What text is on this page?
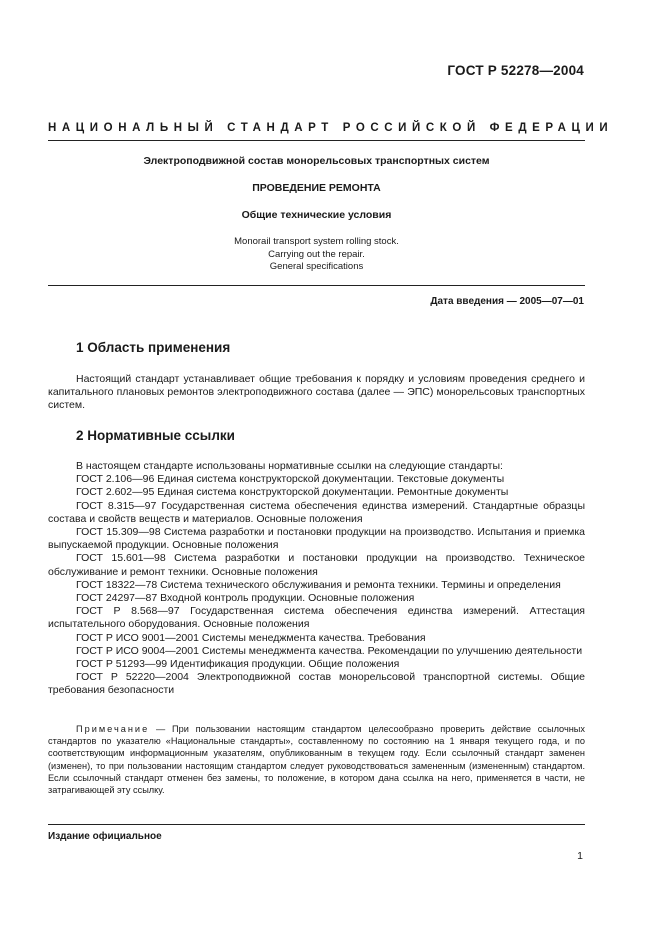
ГОСТ Р 52278—2004
НАЦИОНАЛЬНЫЙ СТАНДАРТ РОССИЙСКОЙ ФЕДЕРАЦИИ
Электроподвижной состав монорельсовых транспортных систем
ПРОВЕДЕНИЕ РЕМОНТА
Общие технические условия
Monorail transport system rolling stock.
Carrying out the repair.
General specifications
Дата введения — 2005—07—01
1 Область применения

Настоящий стандарт устанавливает общие требования к порядку и условиям проведения среднего и капитального плановых ремонтов электроподвижного состава (далее — ЭПС) монорельсовых транспортных систем.

2 Нормативные ссылки

В настоящем стандарте использованы нормативные ссылки на следующие стандарты:

ГОСТ 2.106—96 Единая система конструкторской документации. Текстовые документы

ГОСТ 2.602—95 Единая система конструкторской документации. Ремонтные документы

ГОСТ 8.315—97 Государственная система обеспечения единства измерений. Стандартные образцы состава и свойств веществ и материалов. Основные положения

ГОСТ 15.309—98 Система разработки и постановки продукции на производство. Испытания и приемка выпускаемой продукции. Основные положения

ГОСТ 15.601—98 Система разработки и постановки продукции на производство. Техническое обслуживание и ремонт техники. Основные положения

ГОСТ 18322—78 Система технического обслуживания и ремонта техники. Термины и определения

ГОСТ 24297—87 Входной контроль продукции. Основные положения

ГОСТ Р 8.568—97 Государственная система обеспечения единства измерений. Аттестация испытательного оборудования. Основные положения

ГОСТ Р ИСО 9001—2001 Системы менеджмента качества. Требования

ГОСТ Р ИСО 9004—2001 Системы менеджмента качества. Рекомендации по улучшению деятельности

ГОСТ Р 51293—99 Идентификация продукции. Общие положения

ГОСТ Р 52220—2004 Электроподвижной состав монорельсовой транспортной системы. Общие требования безопасности

Примечание — При пользовании настоящим стандартом целесообразно проверить действие ссылочных стандартов по указателю «Национальные стандарты», составленному по состоянию на 1 января текущего года, и по соответствующим информационным указателям, опубликованным в текущем году. Если ссылочный стандарт заменен (изменен), то при пользовании настоящим стандартом следует руководствоваться замененным (измененным) стандартом. Если ссылочный стандарт отменен без замены, то положение, в котором дана ссылка на него, применяется в части, не затрагивающей эту ссылку.
Издание официальное
1
